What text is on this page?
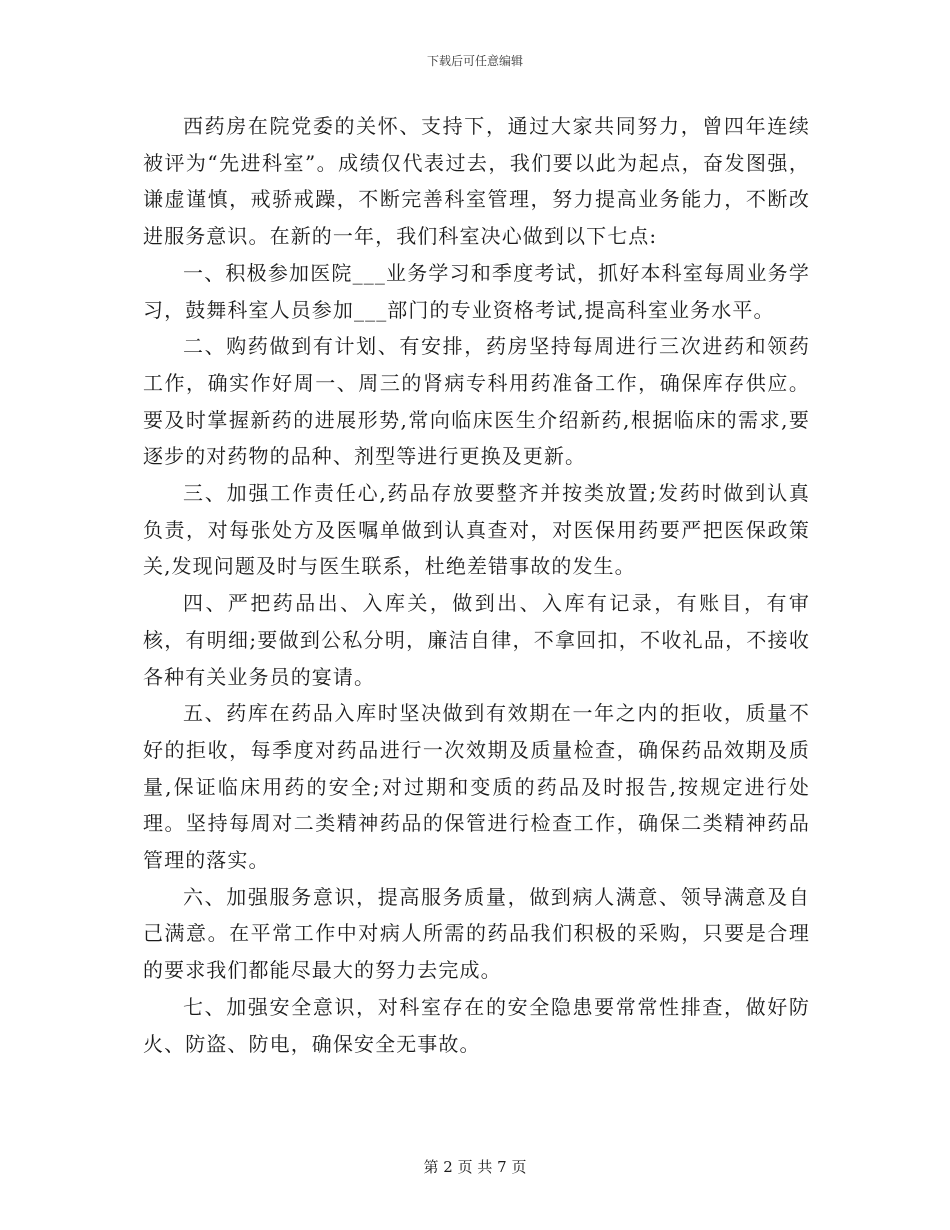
下载后可任意编辑

西药房在院党委的关怀、支持下，通过大家共同努力，曾四年连续被评为“先进科室”。成绩仅代表过去，我们要以此为起点，奋发图强，谦虚谨慎，戒骄戒躁，不断完善科室管理，努力提高业务能力，不断改进服务意识。在新的一年，我们科室决心做到以下七点:

一、积极参加医院___业务学习和季度考试，抓好本科室每周业务学习，鼓舞科室人员参加___部门的专业资格考试,提高科室业务水平。

二、购药做到有计划、有安排，药房坚持每周进行三次进药和领药工作，确实作好周一、周三的肾病专科用药准备工作，确保库存供应。要及时掌握新药的进展形势,常向临床医生介绍新药,根据临床的需求,要逐步的对药物的品种、剂型等进行更换及更新。

三、加强工作责任心,药品存放要整齐并按类放置;发药时做到认真负责，对每张处方及医嘱单做到认真查对，对医保用药要严把医保政策关,发现问题及时与医生联系，杜绝差错事故的发生。

四、严把药品出、入库关，做到出、入库有记录，有账目，有审核，有明细;要做到公私分明，廉洁自律，不拿回扣，不收礼品，不接收各种有关业务员的宴请。

五、药库在药品入库时坚决做到有效期在一年之内的拒收，质量不好的拒收，每季度对药品进行一次效期及质量检查，确保药品效期及质量,保证临床用药的安全;对过期和变质的药品及时报告,按规定进行处理。坚持每周对二类精神药品的保管进行检查工作，确保二类精神药品管理的落实。

六、加强服务意识，提高服务质量，做到病人满意、领导满意及自己满意。在平常工作中对病人所需的药品我们积极的采购，只要是合理的要求我们都能尽最大的努力去完成。

七、加强安全意识，对科室存在的安全隐患要常常性排查，做好防火、防盗、防电，确保安全无事故。

第 2 页 共 7 页
